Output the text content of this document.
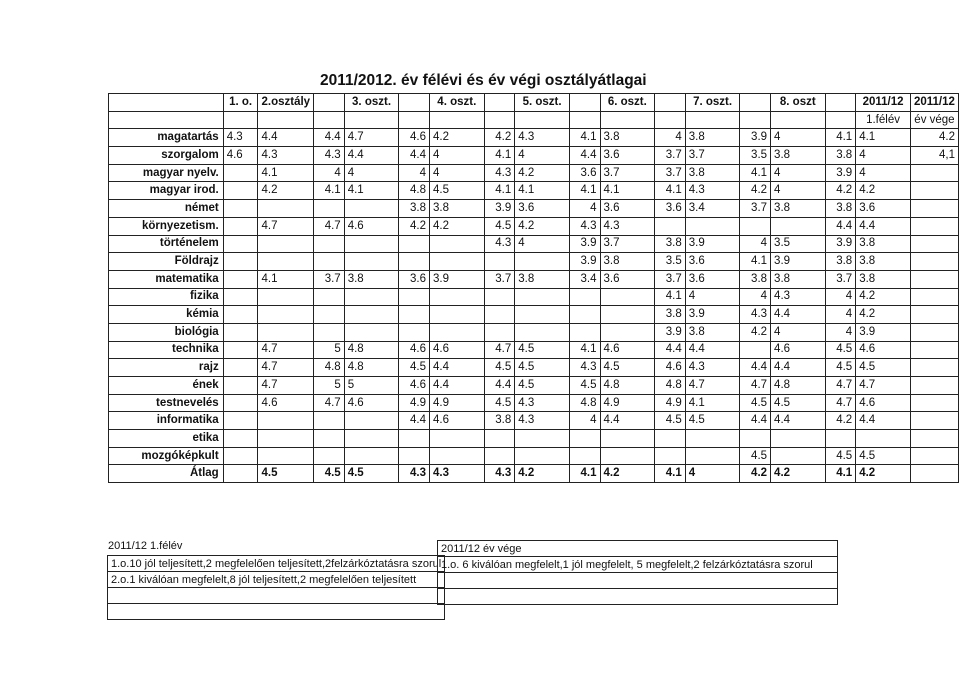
2011/2012. év félévi és év végi osztályátlagai
	1. o.	2.osztály		3. oszt.		4. oszt.		5. oszt.		6. oszt.		7. oszt.		8. oszt		2011/12	2011/12
																1.félév	év vége
magatartás	4.3	4.4	4.4	4.7	4.6	4.2	4.2	4.3	4.1	3.8	4	3.8	3.9	4	4.1	4.1	4.2
szorgalom	4.6	4.3	4.3	4.4	4.4	4	4.1	4	4.4	3.6	3.7	3.7	3.5	3.8	3.8	4	4,1
magyar nyelv.		4.1	4	4	4	4	4.3	4.2	3.6	3.7	3.7	3.8	4.1	4	3.9	4	
magyar irod.		4.2	4.1	4.1	4.8	4.5	4.1	4.1	4.1	4.1	4.1	4.3	4.2	4	4.2	4.2	
német					3.8	3.8	3.9	3.6	4	3.6	3.6	3.4	3.7	3.8	3.8	3.6	
környezetism.		4.7	4.7	4.6	4.2	4.2	4.5	4.2	4.3	4.3					4.4	4.4	
történelem							4.3	4	3.9	3.7	3.8	3.9	4	3.5	3.9	3.8	
Földrajz									3.9	3.8	3.5	3.6	4.1	3.9	3.8	3.8	
matematika		4.1	3.7	3.8	3.6	3.9	3.7	3.8	3.4	3.6	3.7	3.6	3.8	3.8	3.7	3.8	
fizika											4.1	4	4	4.3	4	4.2	
kémia											3.8	3.9	4.3	4.4	4	4.2	
biológia											3.9	3.8	4.2	4	4	3.9	
technika		4.7	5	4.8	4.6	4.6	4.7	4.5	4.1	4.6	4.4	4.4		4.6	4.5	4.6	
rajz		4.7	4.8	4.8	4.5	4.4	4.5	4.5	4.3	4.5	4.6	4.3	4.4	4.4	4.5	4.5	
ének		4.7	5	5	4.6	4.4	4.4	4.5	4.5	4.8	4.8	4.7	4.7	4.8	4.7	4.7	
testnevelés		4.6	4.7	4.6	4.9	4.9	4.5	4.3	4.8	4.9	4.9	4.1	4.5	4.5	4.7	4.6	
informatika					4.4	4.6	3.8	4.3	4	4.4	4.5	4.5	4.4	4.4	4.2	4.4	
etika																	
mozgóképkult													4.5		4.5	4.5	
Átlag		4.5	4.5	4.5	4.3	4.3	4.3	4.2	4.1	4.2	4.1	4	4.2	4.2	4.1	4.2	
2011/12 1.félév
1.o.10 jól teljesített,2 megfelelően teljesített,2felzárkóztatásra szorul
2.o.1 kiválóan megfelelt,8 jól teljesített,2 megfelelően teljesített

2011/12 év vége
1.o. 6 kiválóan megfelelt,1 jól megfelelt, 5 megfelelt,2 felzárkóztatásra szorul
